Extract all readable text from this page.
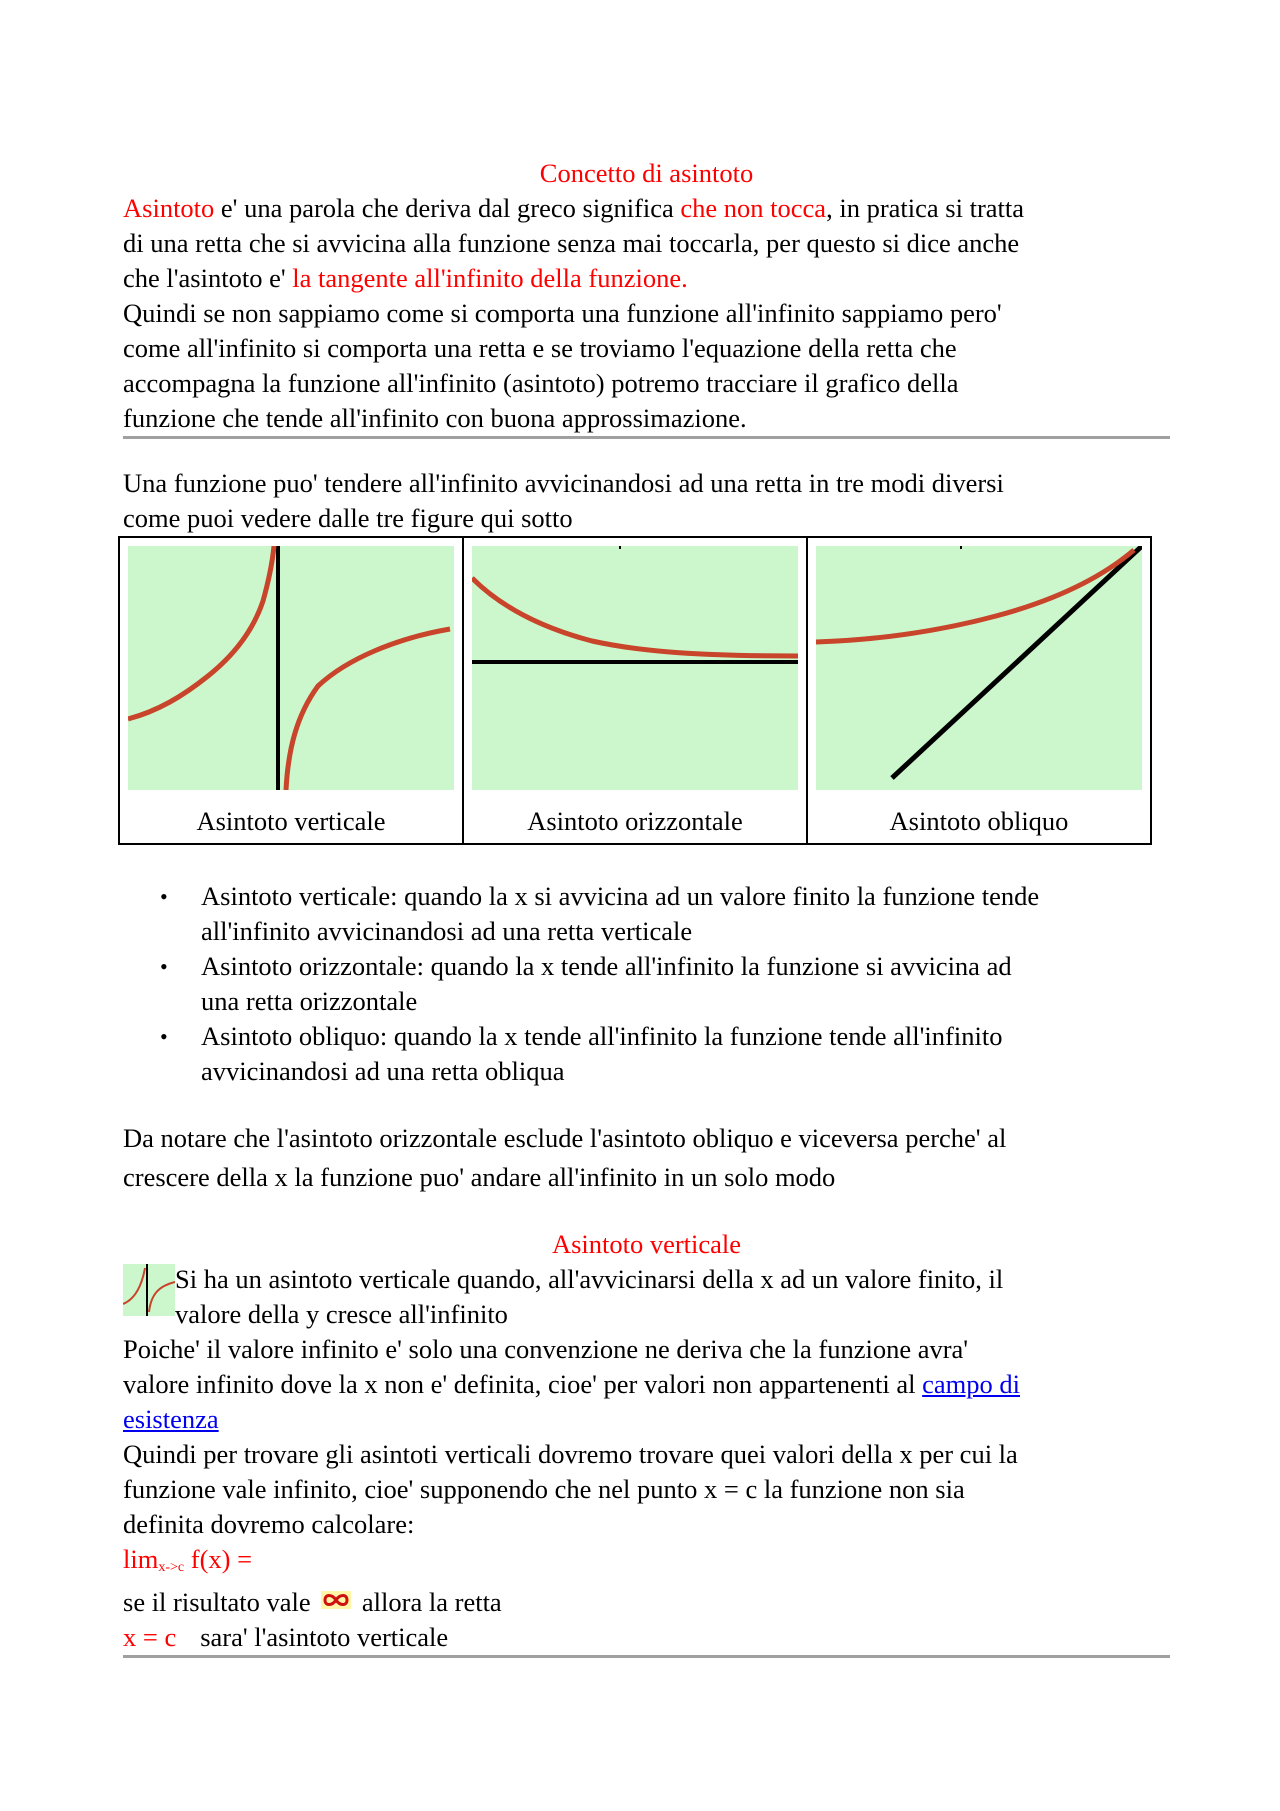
Concetto di asintoto

Asintoto e' una parola che deriva dal greco significa che non tocca, in pratica si tratta

di una retta che si avvicina alla funzione senza mai toccarla, per questo si dice anche

che l'asintoto e' la tangente all'infinito della funzione.

Quindi se non sappiamo come si comporta una funzione all'infinito sappiamo pero'

come all'infinito si comporta una retta e se troviamo l'equazione della retta che

accompagna la funzione all'infinito (asintoto) potremo tracciare il grafico della

funzione che tende all'infinito con buona approssimazione.

Una funzione puo' tendere all'infinito avvicinandosi ad una retta in tre modi diversi

come puoi vedere dalle tre figure qui sotto

Asintoto verticale	Asintoto orizzontale	Asintoto obliquo
• Asintoto verticale: quando la x si avvicina ad un valore finito la funzione tende
all'infinito avvicinandosi ad una retta verticale
• Asintoto orizzontale: quando la x tende all'infinito la funzione si avvicina ad
una retta orizzontale
• Asintoto obliquo: quando la x tende all'infinito la funzione tende all'infinito
avvicinandosi ad una retta obliqua

Da notare che l'asintoto orizzontale esclude l'asintoto obliquo e viceversa perche' al

crescere della x la funzione puo' andare all'infinito in un solo modo

Asintoto verticale

Si ha un asintoto verticale quando, all'avvicinarsi della x ad un valore finito, il

valore della y cresce all'infinito

Poiche' il valore infinito e' solo una convenzione ne deriva che la funzione avra'

valore infinito dove la x non e' definita, cioe' per valori non appartenenti al campo di

esistenza

Quindi per trovare gli asintoti verticali dovremo trovare quei valori della x per cui la

funzione vale infinito, cioe' supponendo che nel punto x = c la funzione non sia

definita dovremo calcolare:

limx->c f(x) =

se il risultato vale  allora la retta

x = c sara' l'asintoto verticale
